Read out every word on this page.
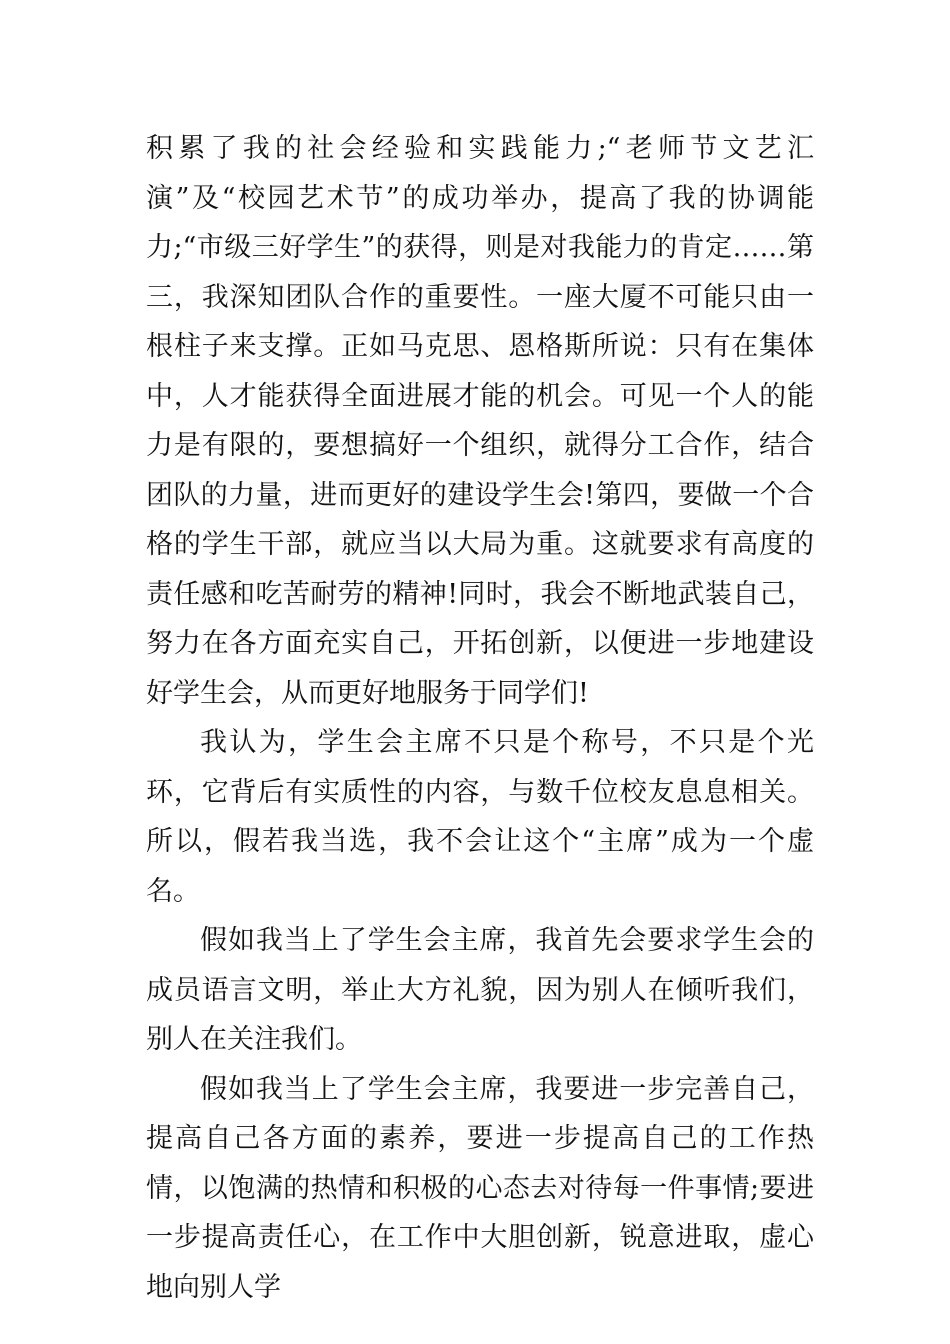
积累了我的社会经验和实践能力;“老师节文艺汇演”及“校园艺术节”的成功举办，提高了我的协调能力;“市级三好学生”的获得，则是对我能力的肯定……第三，我深知团队合作的重要性。一座大厦不可能只由一根柱子来支撑。正如马克思、恩格斯所说：只有在集体中，人才能获得全面进展才能的机会。可见一个人的能力是有限的，要想搞好一个组织，就得分工合作，结合团队的力量，进而更好的建设学生会!第四，要做一个合格的学生干部，就应当以大局为重。这就要求有高度的责任感和吃苦耐劳的精神!同时，我会不断地武装自己，努力在各方面充实自己，开拓创新，以便进一步地建设好学生会，从而更好地服务于同学们!

我认为，学生会主席不只是个称号，不只是个光环，它背后有实质性的内容，与数千位校友息息相关。所以，假若我当选，我不会让这个“主席”成为一个虚名。

假如我当上了学生会主席，我首先会要求学生会的成员语言文明，举止大方礼貌，因为别人在倾听我们，别人在关注我们。

假如我当上了学生会主席，我要进一步完善自己，提高自己各方面的素养，要进一步提高自己的工作热情，以饱满的热情和积极的心态去对待每一件事情;要进一步提高责任心，在工作中大胆创新，锐意进取，虚心地向别人学
